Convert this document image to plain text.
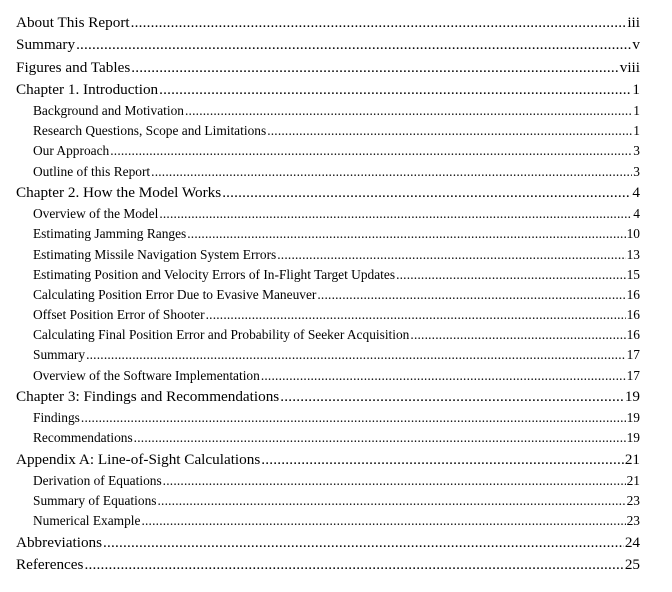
About This Report .....	iii
Summary .....	v
Figures and Tables .....	viii
Chapter 1. Introduction .....	1
Background and Motivation .....	1
Research Questions, Scope and Limitations .....	1
Our Approach .....	3
Outline of this Report .....	3
Chapter 2. How the Model Works .....	4
Overview of the Model .....	4
Estimating Jamming Ranges .....	10
Estimating Missile Navigation System Errors .....	13
Estimating Position and Velocity Errors of In-Flight Target Updates .....	15
Calculating Position Error Due to Evasive Maneuver .....	16
Offset Position Error of Shooter .....	16
Calculating Final Position Error and Probability of Seeker Acquisition .....	16
Summary .....	17
Overview of the Software Implementation .....	17
Chapter 3: Findings and Recommendations .....	19
Findings .....	19
Recommendations .....	19
Appendix A: Line-of-Sight Calculations .....	21
Derivation of Equations .....	21
Summary of Equations .....	23
Numerical Example .....	23
Abbreviations .....	24
References .....	25
